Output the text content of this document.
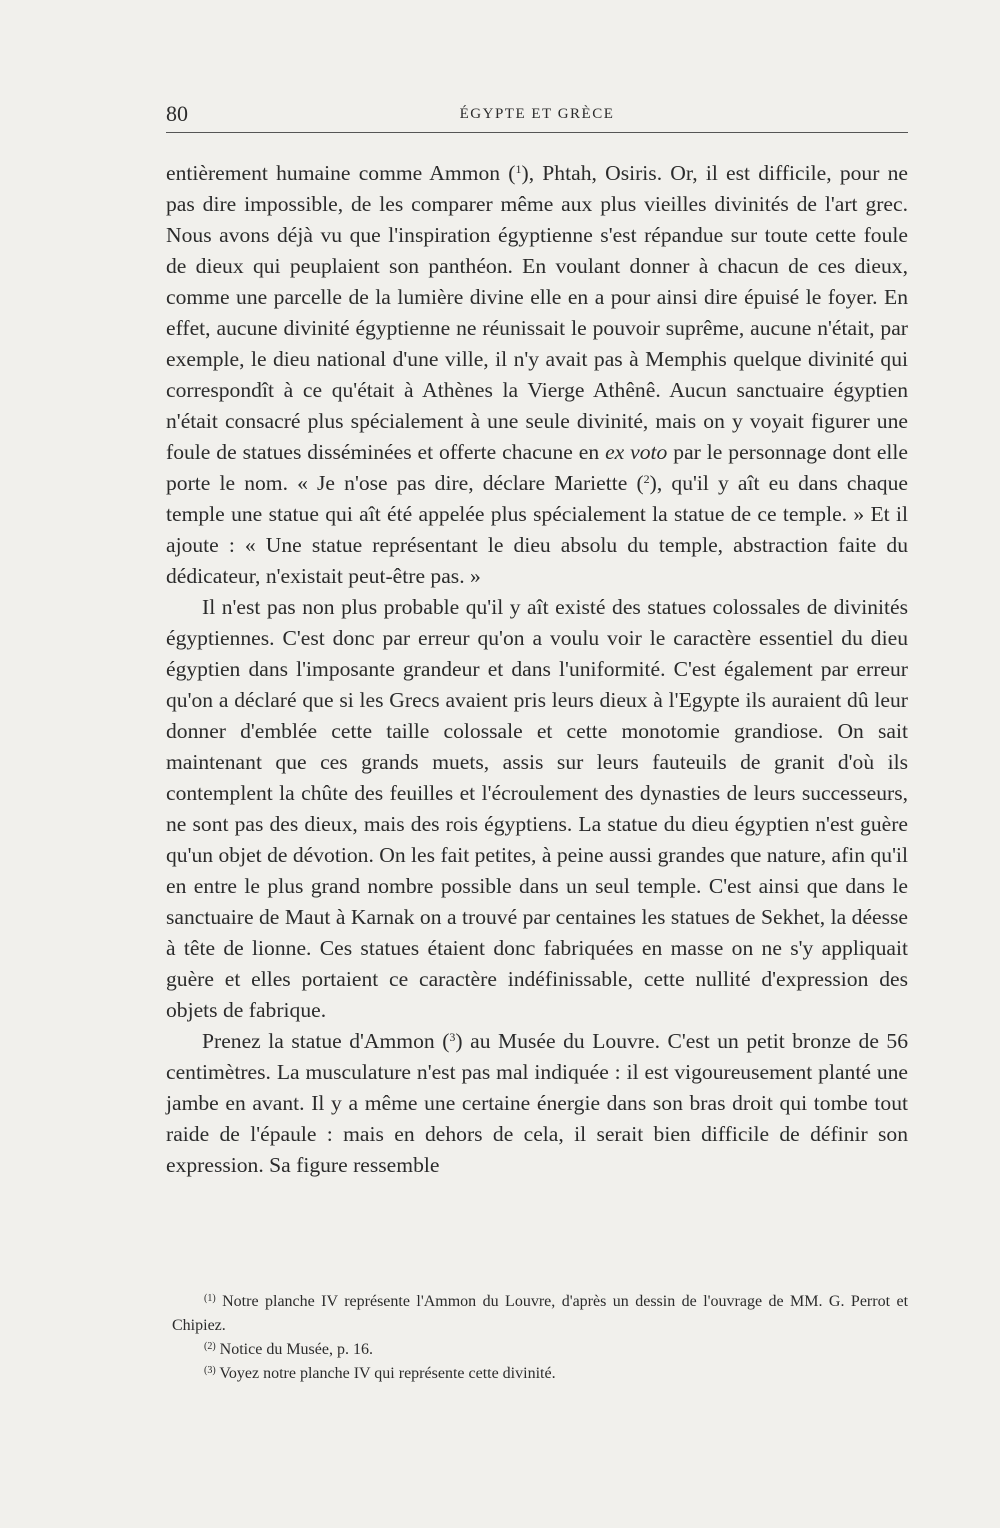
80	ÉGYPTE ET GRÈCE

entièrement humaine comme Ammon ($^1$), Phtah, Osiris. Or, il est difficile, pour ne pas dire impossible, de les comparer même aux plus vieilles divinités de l'art grec. Nous avons déjà vu que l'inspiration égyptienne s'est répandue sur toute cette foule de dieux qui peuplaient son panthéon. En voulant donner à chacun de ces dieux, comme une parcelle de la lumière divine elle en a pour ainsi dire épuisé le foyer. En effet, aucune divinité égyptienne ne réunissait le pouvoir suprême, aucune n'était, par exemple, le dieu national d'une ville, il n'y avait pas à Memphis quelque divinité qui correspondît à ce qu'était à Athènes la Vierge Athênê. Aucun sanctuaire égyptien n'était consacré plus spécialement à une seule divinité, mais on y voyait figurer une foule de statues disséminées et offerte chacune en ex voto par le personnage dont elle porte le nom. « Je n'ose pas dire, déclare Mariette ($^2$), qu'il y aît eu dans chaque temple une statue qui aît été appelée plus spécialement la statue de ce temple. » Et il ajoute : « Une statue représentant le dieu absolu du temple, abstraction faite du dédicateur, n'existait peut-être pas. »

Il n'est pas non plus probable qu'il y aît existé des statues colossales de divinités égyptiennes. C'est donc par erreur qu'on a voulu voir le caractère essentiel du dieu égyptien dans l'imposante grandeur et dans l'uniformité. C'est également par erreur qu'on a déclaré que si les Grecs avaient pris leurs dieux à l'Egypte ils auraient dû leur donner d'emblée cette taille colossale et cette monotomie grandiose. On sait maintenant que ces grands muets, assis sur leurs fauteuils de granit d'où ils contemplent la chûte des feuilles et l'écroulement des dynasties de leurs successeurs, ne sont pas des dieux, mais des rois égyptiens. La statue du dieu égyptien n'est guère qu'un objet de dévotion. On les fait petites, à peine aussi grandes que nature, afin qu'il en entre le plus grand nombre possible dans un seul temple. C'est ainsi que dans le sanctuaire de Maut à Karnak on a trouvé par centaines les statues de Sekhet, la déesse à tête de lionne. Ces statues étaient donc fabriquées en masse on ne s'y appliquait guère et elles portaient ce caractère indéfinissable, cette nullité d'expression des objets de fabrique.

Prenez la statue d'Ammon ($^3$) au Musée du Louvre. C'est un petit bronze de 56 centimètres. La musculature n'est pas mal indiquée : il est vigoureusement planté une jambe en avant. Il y a même une certaine énergie dans son bras droit qui tombe tout raide de l'épaule : mais en dehors de cela, il serait bien difficile de définir son expression. Sa figure ressemble

$^{(1)}$ Notre planche IV représente l'Ammon du Louvre, d'après un dessin de l'ouvrage de MM. G. Perrot et Chipiez.

$^{(2)}$ Notice du Musée, p. 16.

$^{(3)}$ Voyez notre planche IV qui représente cette divinité.
